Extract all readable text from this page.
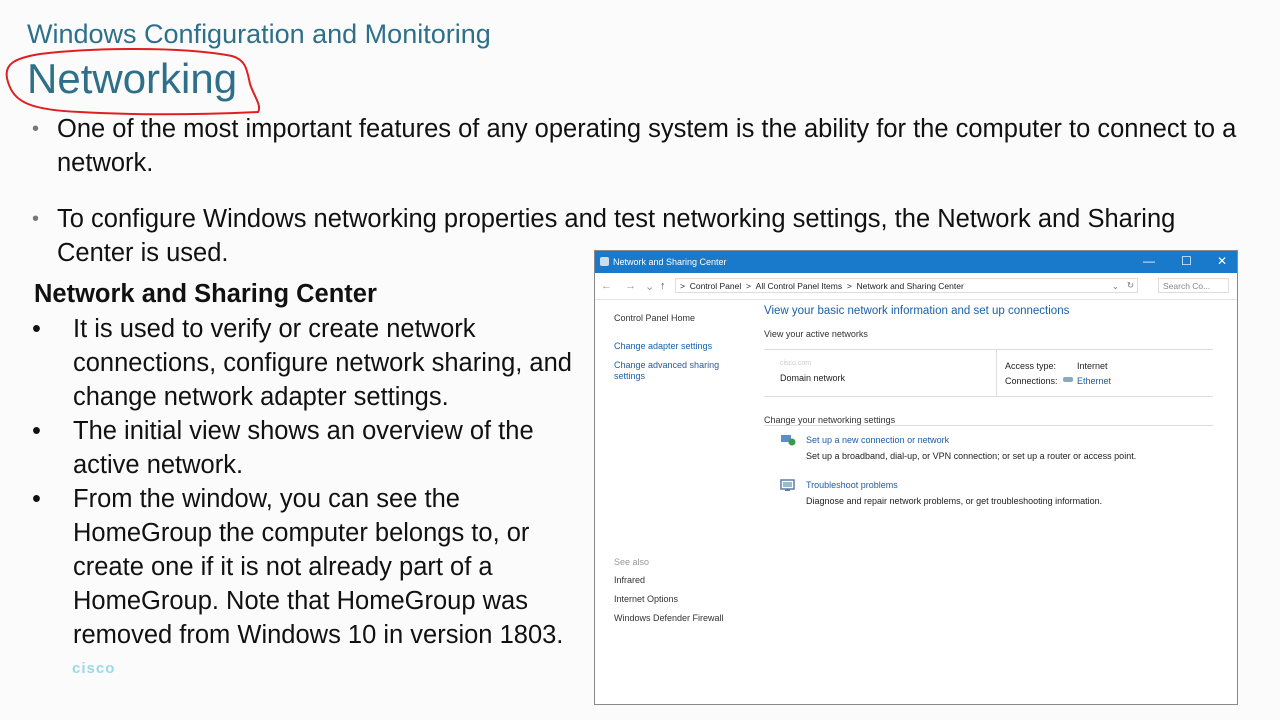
Windows Configuration and Monitoring
Networking
• One of the most important features of any operating system is the ability for the computer to connect to a network.
• To configure Windows networking properties and test networking settings, the Network and Sharing Center is used.
Network and Sharing Center
• It is used to verify or create network connections, configure network sharing, and change network adapter settings.
• The initial view shows an overview of the active network.
• From the window, you can see the HomeGroup the computer belongs to, or create one if it is not already part of a HomeGroup. Note that HomeGroup was removed from Windows 10 in version 1803.
cisco
Network and Sharing Center	— ☐ ✕
← → ⌄ ↑	> Control Panel > All Control Panel Items > Network and Sharing Center	⌄ ↻	Search Co...
Control Panel Home
Change adapter settings
Change advanced sharing settings
See also
Infrared
Internet Options
Windows Defender Firewall
View your basic network information and set up connections
View your active networks
cisco.com
Domain network
Access type: Internet
Connections: Ethernet
Change your networking settings
Set up a new connection or network
Set up a broadband, dial-up, or VPN connection; or set up a router or access point.
Troubleshoot problems
Diagnose and repair network problems, or get troubleshooting information.
